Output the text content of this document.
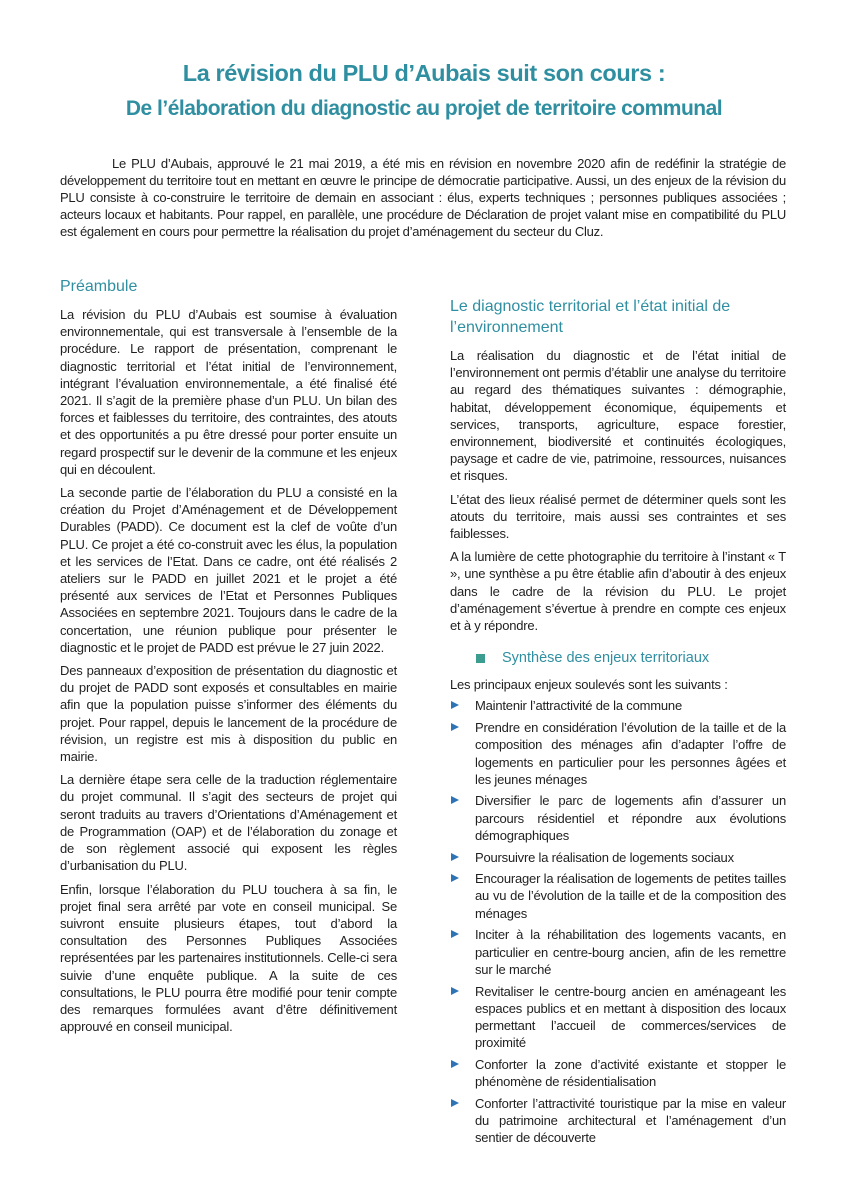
La révision du PLU d’Aubais suit son cours :
De l’élaboration du diagnostic au projet de territoire communal

Le PLU d’Aubais, approuvé le 21 mai 2019, a été mis en révision en novembre 2020 afin de redéfinir la stratégie de développement du territoire tout en mettant en œuvre le principe de démocratie participative. Aussi, un des enjeux de la révision du PLU consiste à co-construire le territoire de demain en associant : élus, experts techniques ; personnes publiques associées ; acteurs locaux et habitants. Pour rappel, en parallèle, une procédure de Déclaration de projet valant mise en compatibilité du PLU est également en cours pour permettre la réalisation du projet d’aménagement du secteur du Cluz.

Préambule

La révision du PLU d’Aubais est soumise à évaluation environnementale, qui est transversale à l’ensemble de la procédure. Le rapport de présentation, comprenant le diagnostic territorial et l’état initial de l’environnement, intégrant l’évaluation environnementale, a été finalisé été 2021. Il s’agit de la première phase d’un PLU. Un bilan des forces et faiblesses du territoire, des contraintes, des atouts et des opportunités a pu être dressé pour porter ensuite un regard prospectif sur le devenir de la commune et les enjeux qui en découlent.

La seconde partie de l’élaboration du PLU a consisté en la création du Projet d’Aménagement et de Développement Durables (PADD). Ce document est la clef de voûte d’un PLU. Ce projet a été co-construit avec les élus, la population et les services de l’Etat. Dans ce cadre, ont été réalisés 2 ateliers sur le PADD en juillet 2021 et le projet a été présenté aux services de l’Etat et Personnes Publiques Associées en septembre 2021. Toujours dans le cadre de la concertation, une réunion publique pour présenter le diagnostic et le projet de PADD est prévue le 27 juin 2022.

Des panneaux d’exposition de présentation du diagnostic et du projet de PADD sont exposés et consultables en mairie afin que la population puisse s’informer des éléments du projet. Pour rappel, depuis le lancement de la procédure de révision, un registre est mis à disposition du public en mairie.

La dernière étape sera celle de la traduction réglementaire du projet communal. Il s’agit des secteurs de projet qui seront traduits au travers d’Orientations d’Aménagement et de Programmation (OAP) et de l’élaboration du zonage et de son règlement associé qui exposent les règles d’urbanisation du PLU.

Enfin, lorsque l’élaboration du PLU touchera à sa fin, le projet final sera arrêté par vote en conseil municipal. Se suivront ensuite plusieurs étapes, tout d’abord la consultation des Personnes Publiques Associées représentées par les partenaires institutionnels. Celle-ci sera suivie d’une enquête publique. A la suite de ces consultations, le PLU pourra être modifié pour tenir compte des remarques formulées avant d’être définitivement approuvé en conseil municipal.

Le diagnostic territorial et l’état initial de l’environnement

La réalisation du diagnostic et de l’état initial de l’environnement ont permis d’établir une analyse du territoire au regard des thématiques suivantes : démographie, habitat, développement économique, équipements et services, transports, agriculture, espace forestier, environnement, biodiversité et continuités écologiques, paysage et cadre de vie, patrimoine, ressources, nuisances et risques.

L’état des lieux réalisé permet de déterminer quels sont les atouts du territoire, mais aussi ses contraintes et ses faiblesses.

A la lumière de cette photographie du territoire à l’instant « T », une synthèse a pu être établie afin d’aboutir à des enjeux dans le cadre de la révision du PLU. Le projet d’aménagement s’évertue à prendre en compte ces enjeux et à y répondre.

Synthèse des enjeux territoriaux

Les principaux enjeux soulevés sont les suivants :

Maintenir l’attractivité de la commune
Prendre en considération l’évolution de la taille et de la composition des ménages afin d’adapter l’offre de logements en particulier pour les personnes âgées et les jeunes ménages
Diversifier le parc de logements afin d’assurer un parcours résidentiel et répondre aux évolutions démographiques
Poursuivre la réalisation de logements sociaux
Encourager la réalisation de logements de petites tailles au vu de l’évolution de la taille et de la composition des ménages
Inciter à la réhabilitation des logements vacants, en particulier en centre-bourg ancien, afin de les remettre sur le marché
Revitaliser le centre-bourg ancien en aménageant les espaces publics et en mettant à disposition des locaux permettant l’accueil de commerces/services de proximité
Conforter la zone d’activité existante et stopper le phénomène de résidentialisation
Conforter l’attractivité touristique par la mise en valeur du patrimoine architectural et l’aménagement d’un sentier de découverte
